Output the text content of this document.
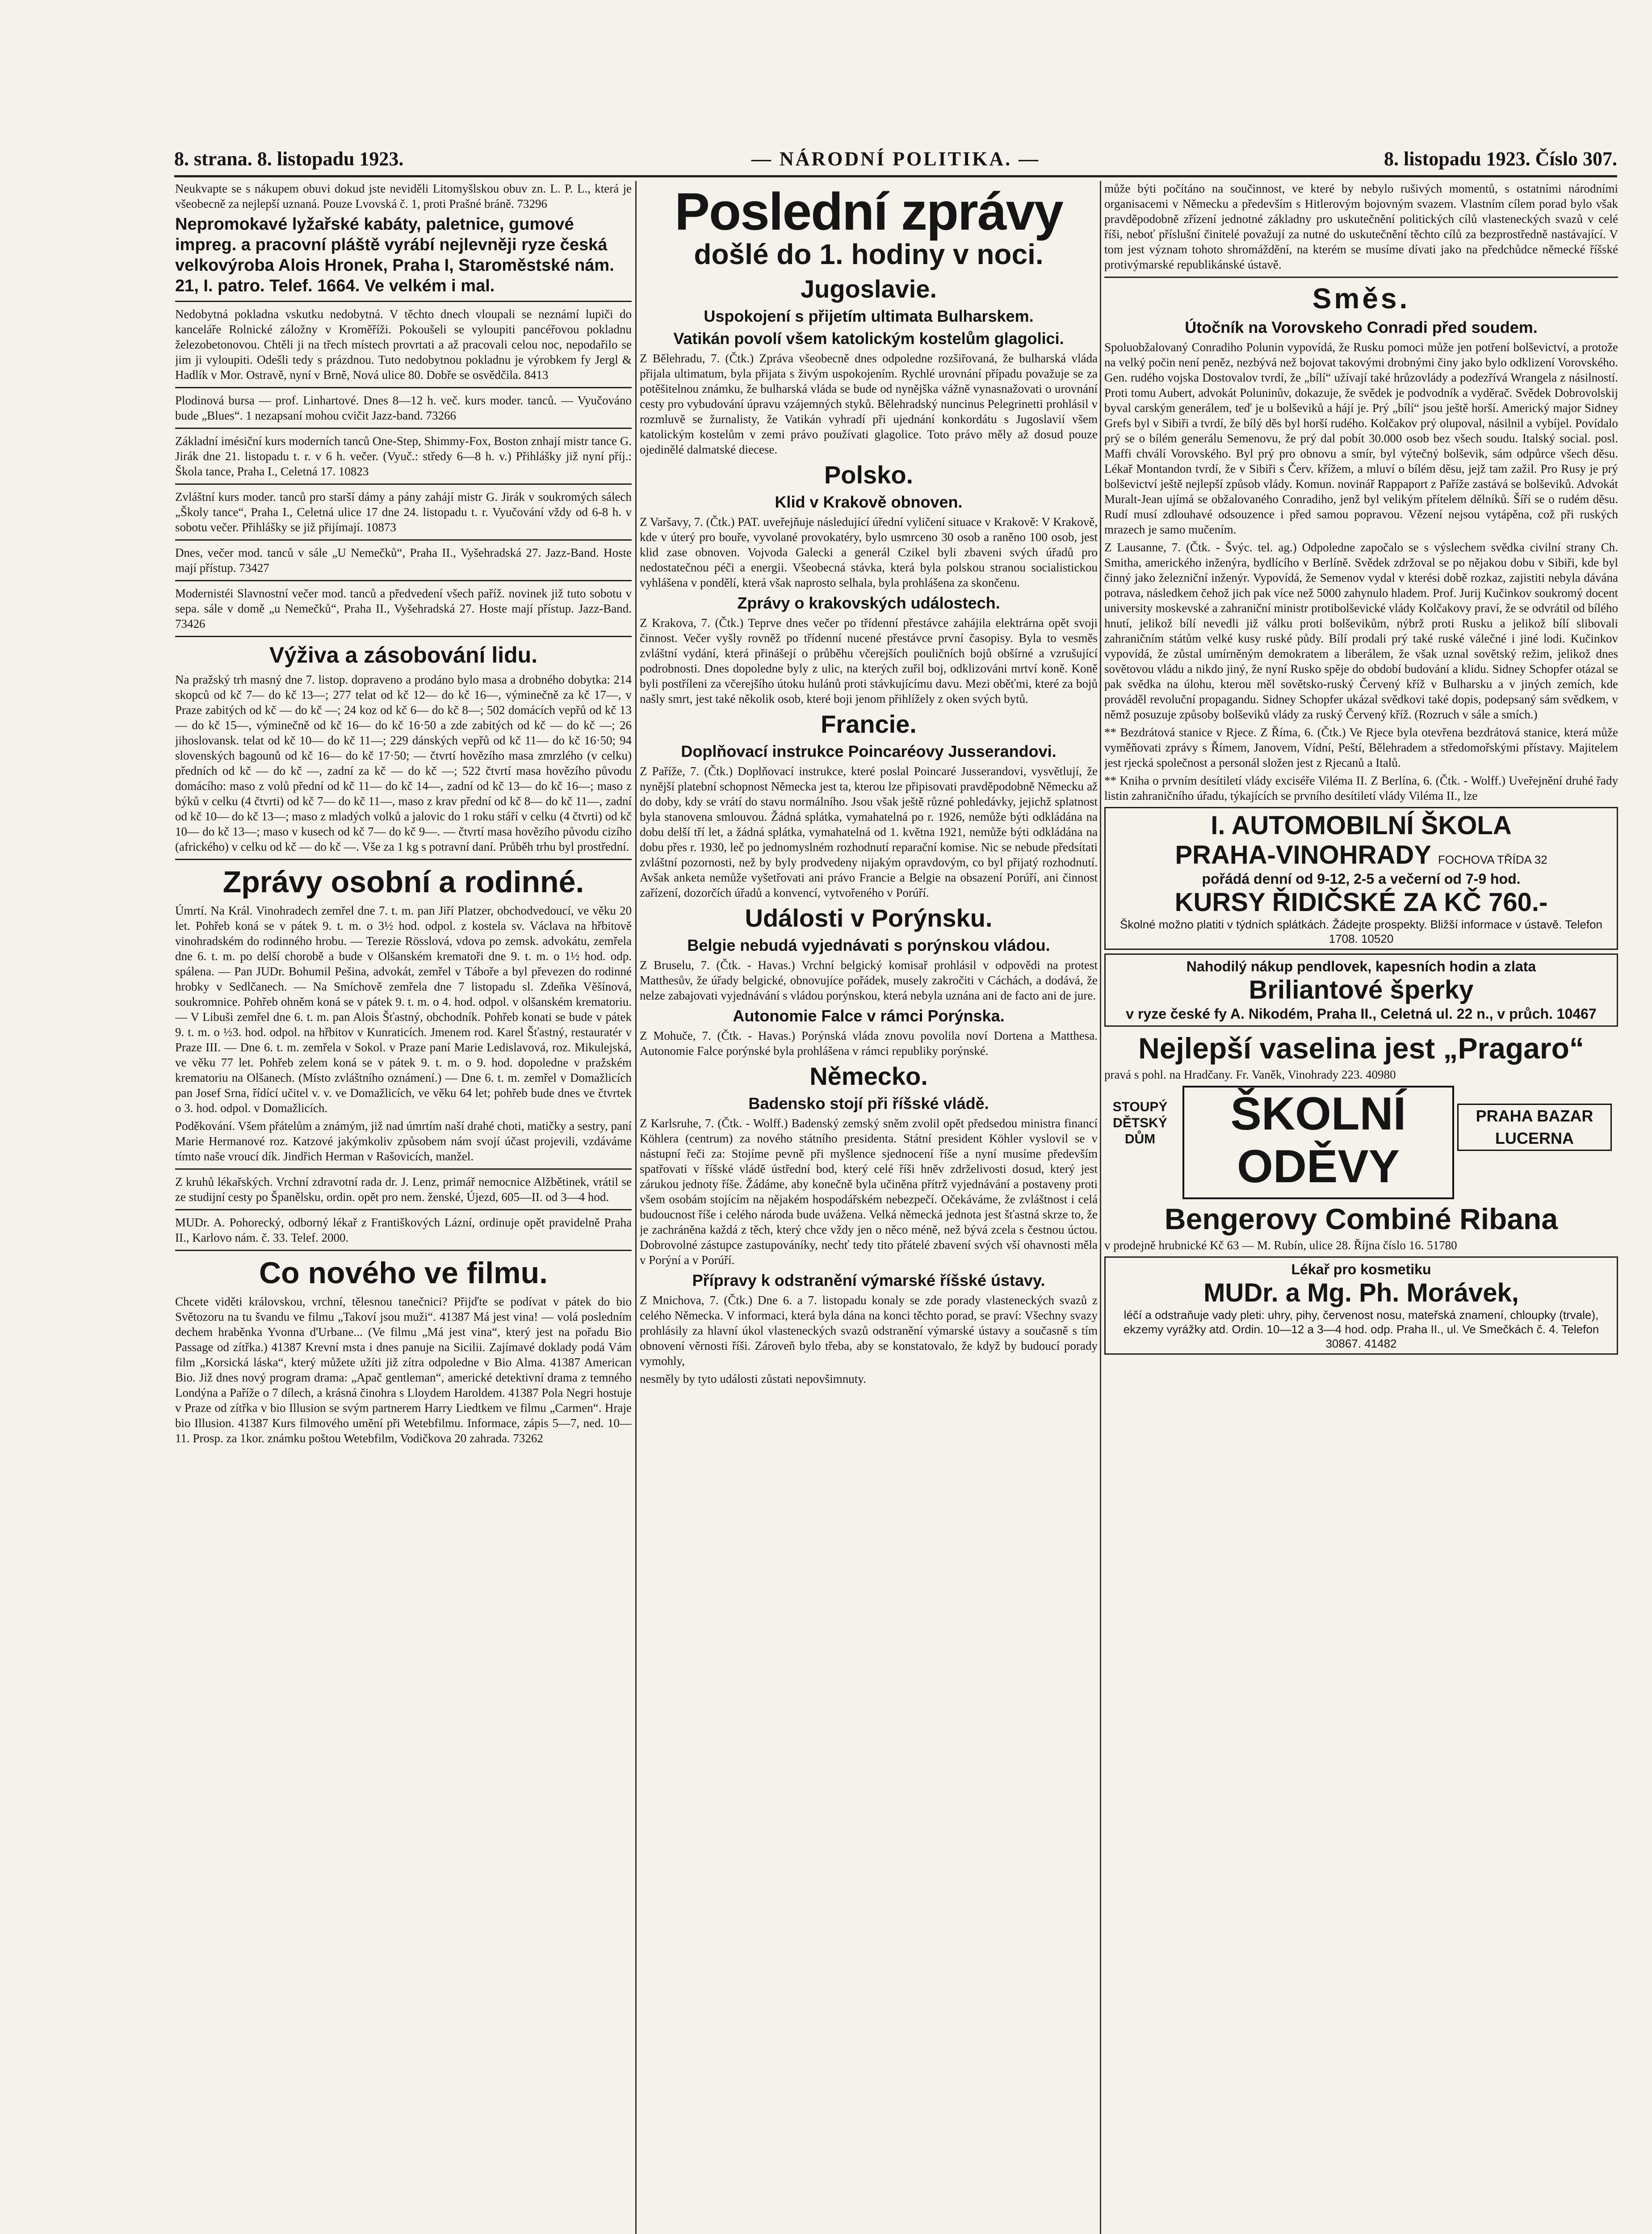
8. strana. 8. listopadu 1923.	— NÁRODNÍ POLITIKA. —	8. listopadu 1923. Číslo 307.

Neukvapte se s nákupem obuvi dokud jste neviděli Litomyšlskou obuv zn. L. P. L., která je všeobecně za nejlepší uznaná. Pouze Lvovská č. 1, proti Prašné bráně. 73296

Nepromokavé lyžařské kabáty, paletnice, gumové impreg. a pracovní pláště vyrábí nejlevněji ryze česká velkovýroba Alois Hronek, Praha I, Staroměstské nám. 21, I. patro. Telef. 1664. Ve velkém i mal.

Nedobytná pokladna vskutku nedobytná. V těchto dnech vloupali se neznámí lupiči do kanceláře Rolnické záložny v Kroměříži. Pokoušeli se vyloupiti pancéřovou pokladnu železobetonovou. Chtěli ji na třech místech provrtati a až pracovali celou noc, nepodařilo se jim ji vyloupiti. Odešli tedy s prázdnou. Tuto nedobytnou pokladnu je výrobkem fy Jergl & Hadlík v Mor. Ostravě, nyní v Brně, Nová ulice 80. Dobře se osvědčila. 8413

Plodinová bursa — prof. Linhartové. Dnes 8—12 h. več. kurs moder. tanců. — Vyučováno bude „Blues“. 1 nezapsaní mohou cvičit Jazz-band. 73266

Základní imésiční kurs moderních tanců One-Step, Shimmy-Fox, Boston znhají mistr tance G. Jirák dne 21. listopadu t. r. v 6 h. večer. (Vyuč.: středy 6—8 h. v.) Přihlášky již nyní příj.: Škola tance, Praha I., Celetná 17. 10823

Zvláštní kurs moder. tanců pro starší dámy a pány zahájí mistr G. Jirák v soukromých sálech „Školy tance“, Praha I., Celetná ulice 17 dne 24. listopadu t. r. Vyučování vždy od 6-8 h. v sobotu večer. Přihlášky se již přijímají. 10873

Dnes, večer mod. tanců v sále „U Nemečků“, Praha II., Vyšehradská 27. Jazz-Band. Hoste mají přístup. 73427

Modernistéi Slavnostní večer mod. tanců a předvedení všech paříž. novinek již tuto sobotu v sepa. sále v domě „u Nemečků“, Praha II., Vyšehradská 27. Hoste mají přístup. Jazz-Band. 73426

Výživa a zásobování lidu.

Na pražský trh masný dne 7. listop. dopraveno a prodáno bylo masa a drobného dobytka: 214 skopců od kč 7— do kč 13—; 277 telat od kč 12— do kč 16—, výminečně za kč 17—, v Praze zabitých od kč — do kč —; 24 koz od kč 6— do kč 8—; 502 domácích vepřů od kč 13— do kč 15—, výminečně od kč 16— do kč 16·50 a zde zabitých od kč — do kč —; 26 jihoslovansk. telat od kč 10— do kč 11—; 229 dánských vepřů od kč 11— do kč 16·50; 94 slovenských bagounů od kč 16— do kč 17·50; — čtvrtí hovězího masa zmrzlého (v celku) předních od kč — do kč —, zadní za kč — do kč —; 522 čtvrtí masa hovězího původu domácího: maso z volů přední od kč 11— do kč 14—, zadní od kč 13— do kč 16—; maso z býků v celku (4 čtvrti) od kč 7— do kč 11—, maso z krav přední od kč 8— do kč 11—, zadní od kč 10— do kč 13—; maso z mladých volků a jalovic do 1 roku stáří v celku (4 čtvrti) od kč 10— do kč 13—; maso v kusech od kč 7— do kč 9—. — čtvrtí masa hovězího původu cizího (afrického) v celku od kč — do kč —. Vše za 1 kg s potravní daní. Průběh trhu byl prostřední.

Zprávy osobní a rodinné.

Úmrtí. Na Král. Vinohradech zemřel dne 7. t. m. pan Jiří Platzer, obchodvedoucí, ve věku 20 let. Pohřeb koná se v pátek 9. t. m. o 3½ hod. odpol. z kostela sv. Václava na hřbitově vinohradském do rodinného hrobu. — Terezie Rösslová, vdova po zemsk. advokátu, zemřela dne 6. t. m. po delší chorobě a bude v Olšanském krematoři dne 9. t. m. o 1½ hod. odp. spálena. — Pan JUDr. Bohumil Pešina, advokát, zemřel v Táboře a byl převezen do rodinné hrobky v Sedlčanech. — Na Smíchově zemřela dne 7 listopadu sl. Zdeňka Věšínová, soukromnice. Pohřeb ohněm koná se v pátek 9. t. m. o 4. hod. odpol. v olšanském krematoriu. — V Libuši zemřel dne 6. t. m. pan Alois Šťastný, obchodník. Pohřeb konati se bude v pátek 9. t. m. o ½3. hod. odpol. na hřbitov v Kunraticích. Jmenem rod. Karel Šťastný, restauratér v Praze III. — Dne 6. t. m. zemřela v Sokol. v Praze paní Marie Ledislavová, roz. Mikulejská, ve věku 77 let. Pohřeb zelem koná se v pátek 9. t. m. o 9. hod. dopoledne v pražském krematoriu na Olšanech. (Místo zvláštního oznámení.) — Dne 6. t. m. zemřel v Domažlicích pan Josef Srna, řídící učitel v. v. ve Domažlicích, ve věku 64 let; pohřeb bude dnes ve čtvrtek o 3. hod. odpol. v Domažlicích.

Poděkování. Všem přátelům a známým, již nad úmrtím naší drahé choti, matičky a sestry, paní Marie Hermanové roz. Katzové jakýmkoliv způsobem nám svojí účast projevili, vzdáváme tímto naše vroucí dík. Jindřich Herman v Rašovicích, manžel.

Z kruhů lékařských. Vrchní zdravotní rada dr. J. Lenz, primář nemocnice Alžbětinek, vrátil se ze studijní cesty po Španělsku, ordin. opět pro nem. ženské, Újezd, 605—II. od 3—4 hod.

MUDr. A. Pohorecký, odborný lékař z Františkových Lázní, ordinuje opět pravidelně Praha II., Karlovo nám. č. 33. Telef. 2000.

Co nového ve filmu.

Chcete viděti královskou, vrchní, tělesnou tanečnici? Přijďte se podívat v pátek do bio Světozoru na tu švandu ve filmu „Takoví jsou muži“. 41387 Má jest vina! — volá posledním dechem hraběnka Yvonna d'Urbane... (Ve filmu „Má jest vina“, který jest na pořadu Bio Passage od zítřka.) 41387 Krevní msta i dnes panuje na Sicilii. Zajímavé doklady podá Vám film „Korsická láska“, který můžete užíti již zítra odpoledne v Bio Alma. 41387 American Bio. Již dnes nový program drama: „Apač gentleman“, americké detektivní drama z temného Londýna a Paříže o 7 dílech, a krásná činohra s Lloydem Haroldem. 41387 Pola Negri hostuje v Praze od zítřka v bio Illusion se svým partnerem Harry Liedtkem ve filmu „Carmen“. Hraje bio Illusion. 41387 Kurs filmového umění při Wetebfilmu. Informace, zápis 5—7, ned. 10—11. Prosp. za 1kor. známku poštou Wetebfilm, Vodičkova 20 zahrada. 73262

Poslední zprávy
došlé do 1. hodiny v noci.
Jugoslavie.
Uspokojení s přijetím ultimata Bulharskem.
Vatikán povolí všem katolickým kostelům glagolici.

Z Bělehradu, 7. (Čtk.) Zpráva všeobecně dnes odpoledne rozšiřovaná, že bulharská vláda přijala ultimatum, byla přijata s živým uspokojením. Rychlé urovnání případu považuje se za potěšitelnou známku, že bulharská vláda se bude od nynějška vážně vynasnažovati o urovnání cesty pro vybudování úpravu vzájemných styků. Bělehradský nuncinus Pelegrinetti prohlásil v rozmluvě se žurnalisty, že Vatikán vyhradí při ujednání konkordátu s Jugoslavií všem katolickým kostelům v zemi právo používati glagolice. Toto právo měly až dosud pouze ojedinělé dalmatské diecese.

Polsko.
Klid v Krakově obnoven.

Z Varšavy, 7. (Čtk.) PAT. uveřejňuje následující úřední vyličení situace v Krakově: V Krakově, kde v úterý pro bouře, vyvolané provokatéry, bylo usmrceno 30 osob a raněno 100 osob, jest klid zase obnoven. Vojvoda Galecki a generál Czikel byli zbaveni svých úřadů pro nedostatečnou péči a energii. Všeobecná stávka, která byla polskou stranou socialistickou vyhlášena v pondělí, která však naprosto selhala, byla prohlášena za skončenu.

Zprávy o krakovských událostech.

Z Krakova, 7. (Čtk.) Teprve dnes večer po třídenní přestávce zahájila elektrárna opět svoji činnost. Večer vyšly rovněž po třídenní nucené přestávce první časopisy. Byla to vesměs zvláštní vydání, která přinášejí o průběhu včerejších pouličních bojů obšírné a vzrušující podrobnosti. Dnes dopoledne byly z ulic, na kterých zuřil boj, odklizováni mrtví koně. Koně byli postříleni za včerejšího útoku hulánů proti stávkujícímu davu. Mezi oběťmi, které za bojů našly smrt, jest také několik osob, které boji jenom přihlížely z oken svých bytů.

Francie.
Doplňovací instrukce Poincaréovy Jusserandovi.

Z Paříže, 7. (Čtk.) Doplňovací instrukce, které poslal Poincaré Jusserandovi, vysvětlují, že nynější platební schopnost Německa jest ta, kterou lze připisovati pravděpodobně Německu až do doby, kdy se vrátí do stavu normálního. Jsou však ještě různé pohledávky, jejichž splatnost byla stanovena smlouvou. Žádná splátka, vymahatelná po r. 1926, nemůže býti odkládána na dobu delší tří let, a žádná splátka, vymahatelná od 1. května 1921, nemůže býti odkládána na dobu přes r. 1930, leč po jednomyslném rozhodnutí reparační komise. Nic se nebude předsítati zvláštní pozornosti, než by byly prodvedeny nijakým opravdovým, co byl přijatý rozhodnutí. Avšak anketa nemůže vyšetřovati ani právo Francie a Belgie na obsazení Porúří, ani činnost zařízení, dozorčích úřadů a konvencí, vytvořeného v Porúří.

Události v Porýnsku.
Belgie nebudá vyjednávati s porýnskou vládou.

Z Bruselu, 7. (Čtk. - Havas.) Vrchní belgický komisař prohlásil v odpovědi na protest Matthesův, že úřady belgické, obnovujíce pořádek, musely zakročiti v Cáchách, a dodává, že nelze zabajovati vyjednávání s vládou porýnskou, která nebyla uznána ani de facto ani de jure.

Autonomie Falce v rámci Porýnska.

Z Mohuče, 7. (Čtk. - Havas.) Porýnská vláda znovu povolila noví Dortena a Matthesa. Autonomie Falce porýnské byla prohlášena v rámci republiky porýnské.

Německo.
Badensko stojí při říšské vládě.

Z Karlsruhe, 7. (Čtk. - Wolff.) Badenský zemský sněm zvolil opět předsedou ministra financí Köhlera (centrum) za nového státního presidenta. Státní president Köhler vyslovil se v nástupní řeči za: Stojíme pevně při myšlence sjednocení říše a nyní musíme především spatřovati v říšské vládě ústřední bod, který celé říši hněv zdrželivosti dosud, který jest zárukou jednoty říše. Žádáme, aby konečně byla učiněna přítrž vyjednávání a postaveny proti všem osobám stojícím na nějakém hospodářském nebezpečí. Očekáváme, že zvláštnost i celá budoucnost říše i celého národa bude uvážena. Velká německá jednota jest šťastná skrze to, že je zachráněna každá z těch, který chce vždy jen o něco méně, než bývá zcela s čestnou úctou. Dobrovolné zástupce zastupováníky, nechť tedy tito přátelé zbavení svých vší ohavnosti měla v Porýní a v Porúří.

Přípravy k odstranění výmarské říšské ústavy.

Z Mnichova, 7. (Čtk.) Dne 6. a 7. listopadu konaly se zde porady vlasteneckých svazů z celého Německa. V informaci, která byla dána na konci těchto porad, se praví: Všechny svazy prohlásily za hlavní úkol vlasteneckých svazů odstranění výmarské ústavy a současně s tím obnovení věrnosti říši. Zároveň bylo třeba, aby se konstatovalo, že když by budoucí porady vymohly,

nesměly by tyto události zůstati nepovšimnuty.

může býti počítáno na součinnost, ve které by nebylo rušivých momentů, s ostatními národními organisacemi v Německu a především s Hitlerovým bojovným svazem. Vlastním cílem porad bylo však pravděpodobně zřízení jednotné základny pro uskutečnění politických cílů vlasteneckých svazů v celé říši, neboť příslušní činitelé považují za nutné do uskutečnění těchto cílů za bezprostředně nastávající. V tom jest význam tohoto shromáždění, na kterém se musíme dívati jako na předchůdce německé říšské protivýmarské republikánské ústavě.

Směs.
Útočník na Vorovskeho Conradi před soudem.

Spoluobžalovaný Conradiho Polunin vypovídá, že Rusku pomoci může jen potření bolševictví, a protože na velký počin není peněz, nezbývá než bojovat takovými drobnými činy jako bylo odklizení Vorovského. Gen. rudého vojska Dostovalov tvrdí, že „bílí“ užívají také hrůzovlády a podezřívá Wrangela z násilností. Proti tomu Aubert, advokát Poluninův, dokazuje, že svědek je podvodník a vyděrač. Svědek Dobrovolskij byval carským generálem, teď je u bolševiků a hájí je. Prý „bílí“ jsou ještě horší. Americký major Sidney Grefs byl v Sibiři a tvrdí, že bílý děs byl horší rudého. Kolčakov prý olupoval, násilnil a vybíjel. Povídalo prý se o bílém generálu Semenovu, že prý dal pobít 30.000 osob bez všech soudu. Italský social. posl. Maffi chválí Vorovského. Byl prý pro obnovu a smír, byl výtečný bolševik, sám odpůrce všech děsu. Lékař Montandon tvrdí, že v Sibiři s Červ. křížem, a mluví o bílém děsu, jejž tam zažil. Pro Rusy je prý bolševictví ještě nejlepší způsob vlády. Komun. novinář Rappaport z Paříže zastává se bolševiků. Advokát Muralt-Jean ujímá se obžalovaného Conradiho, jenž byl velikým přítelem dělníků. Šíří se o rudém děsu. Rudí musí zdlouhavé odsouzence i před samou popravou. Vězení nejsou vytápěna, což při ruských mrazech je samo mučením.

Z Lausanne, 7. (Čtk. - Švýc. tel. ag.) Odpoledne započalo se s výslechem svědka civilní strany Ch. Smitha, amerického inženýra, bydlícího v Berlíně. Svědek zdržoval se po nějakou dobu v Sibiři, kde byl činný jako železniční inženýr. Vypovídá, že Semenov vydal v kterési době rozkaz, zajistiti nebyla dávána potrava, následkem čehož jich pak více než 5000 zahynulo hladem. Prof. Jurij Kučinkov soukromý docent university moskevské a zahraniční ministr protibolševické vlády Kolčakovy praví, že se odvrátil od bílého hnutí, jelikož bílí nevedli již válku proti bolševikům, nýbrž proti Rusku a jelikož bílí slibovali zahraničním státům velké kusy ruské půdy. Bílí prodali prý také ruské válečné i jiné lodi. Kučinkov vypovídá, že zůstal umírněným demokratem a liberálem, že však uznal sovětský režim, jelikož dnes sovětovou vládu a nikdo jiný, že nyní Rusko spěje do období budování a klidu. Sidney Schopfer otázal se pak svědka na úlohu, kterou měl sovětsko-ruský Červený kříž v Bulharsku a v jiných zemích, kde prováděl revoluční propagandu. Sidney Schopfer ukázal svědkovi také dopis, podepsaný sám svědkem, v němž posuzuje způsoby bolševiků vlády za ruský Červený kříž. (Rozruch v sále a smích.)

** Bezdrátová stanice v Rjece. Z Říma, 6. (Čtk.) Ve Rjece byla otevřena bezdrátová stanice, která může vyměňovati zprávy s Římem, Janovem, Vídní, Peští, Bělehradem a středomořskými přístavy. Majitelem jest rjecká společnost a personál složen jest z Rjecanů a Italů.

** Kniha o prvním desítiletí vlády exciséře Viléma II. Z Berlína, 6. (Čtk. - Wolff.) Uveřejnění druhé řady listin zahraničního úřadu, týkajících se prvního desítiletí vlády Viléma II., lze

I. AUTOMOBILNÍ ŠKOLA
PRAHA-VINOHRADY FOCHOVA TŘÍDA 32
pořádá denní od 9-12, 2-5 a večerní od 7-9 hod.
KURSY ŘIDIČSKÉ ZA KČ 760.-
Školné možno platiti v týdních splátkách. Žádejte prospekty. Bližší informace v ústavě. Telefon 1708. 10520
Nahodilý nákup pendlovek, kapesních hodin a zlata
Briliantové šperky
v ryze české fy A. Nikodém, Praha II., Celetná ul. 22 n., v průch. 10467
Nejlepší vaselina jest „Pragaro“

pravá s pohl. na Hradčany. Fr. Vaněk, Vinohrady 223. 40980

STOUPÝ DĚTSKÝ DŮM	ŠKOLNÍ ODĚVY
PRAHA BAZAR LUCERNA
Bengerovy Combiné Ribana

v prodejně hrubnické Kč 63 — M. Rubín, ulice 28. Října číslo 16. 51780

Lékař pro kosmetiku
MUDr. a Mg. Ph. Morávek,
léčí a odstraňuje vady pleti: uhry, pihy, červenost nosu, mateřská znamení, chloupky (trvale), ekzemy vyrážky atd. Ordin. 10—12 a 3—4 hod. odp. Praha II., ul. Ve Smečkách č. 4. Telefon 30867. 41482
